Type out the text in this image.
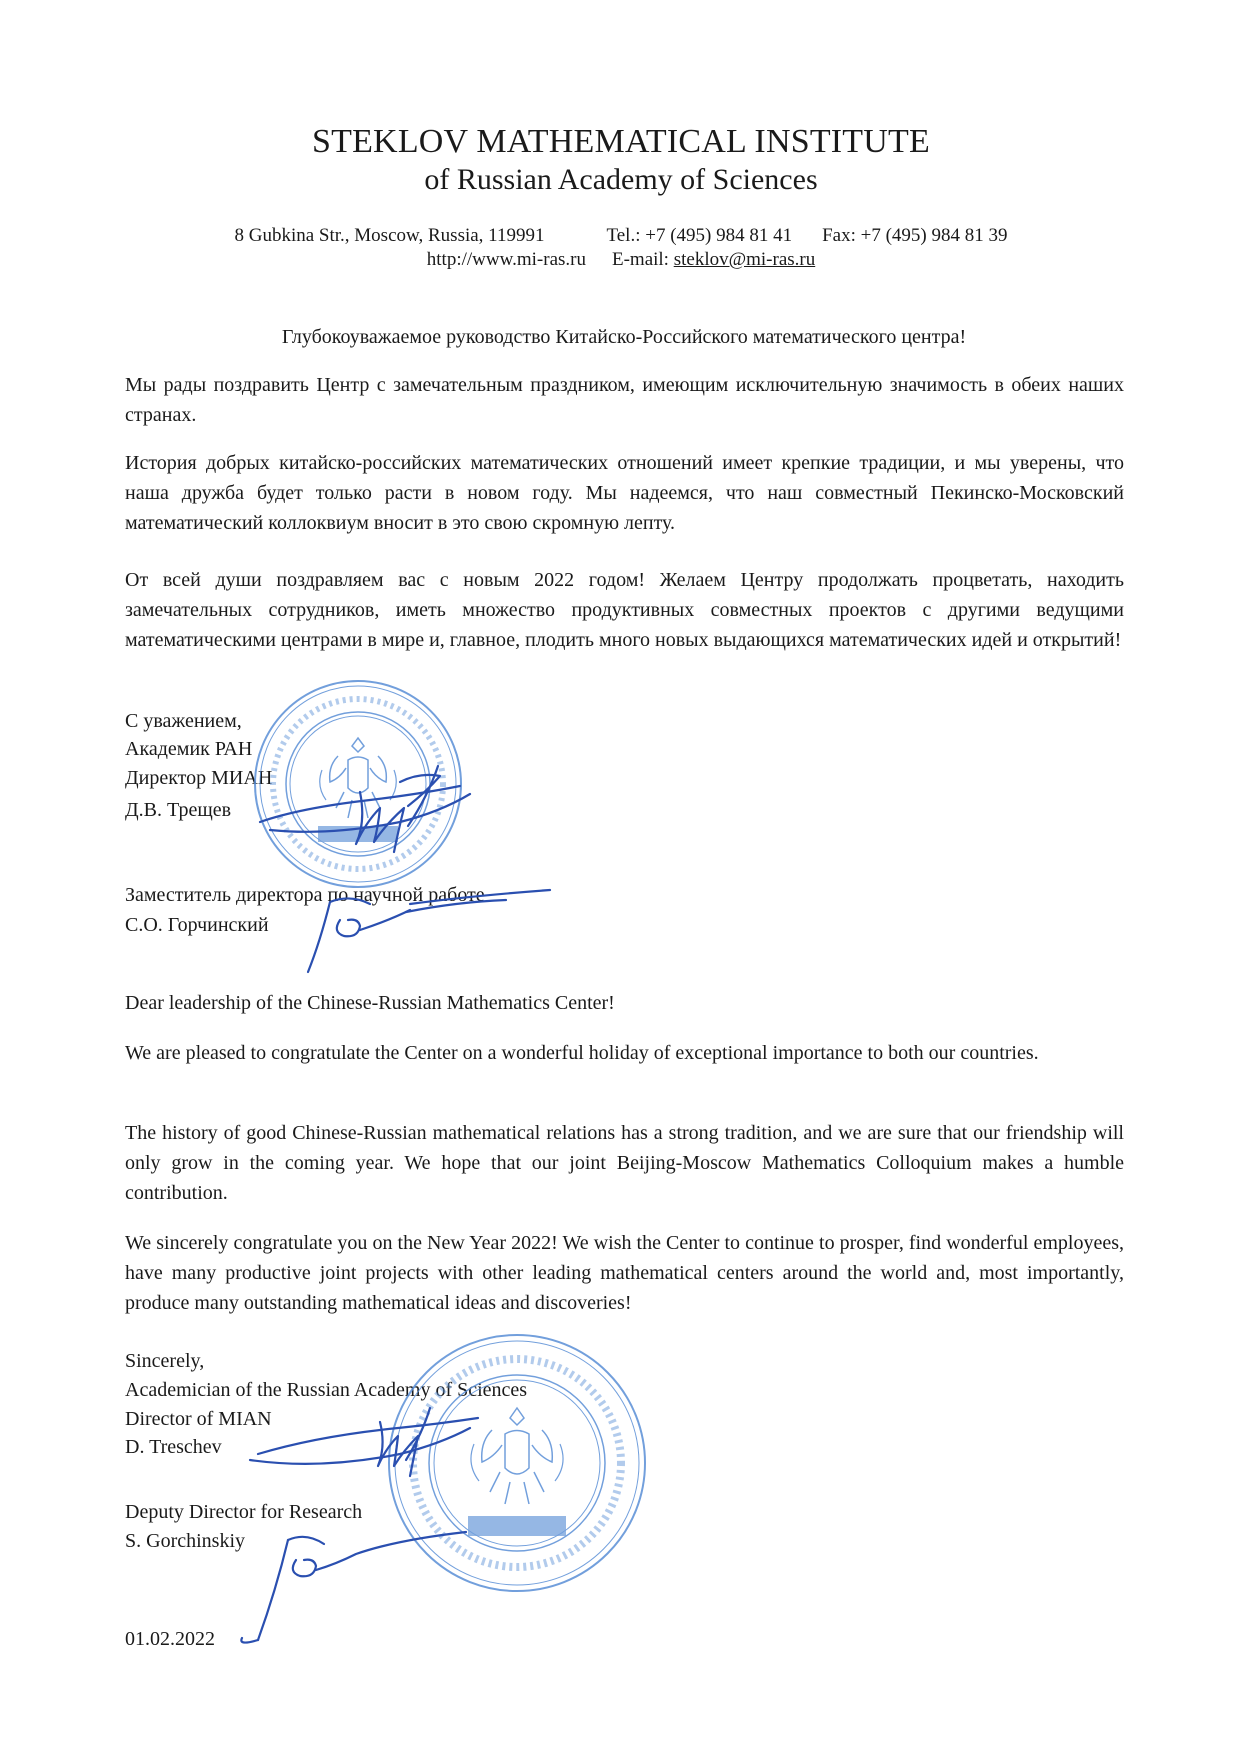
STEKLOV MATHEMATICAL INSTITUTE
of Russian Academy of Sciences
8 Gubkina Str., Moscow, Russia, 119991	Tel.: +7 (495) 984 81 41 Fax: +7 (495) 984 81 39
http://www.mi-ras.ru E-mail: steklov@mi-ras.ru
Глубокоуважаемое руководство Китайско-Российского математического центра!
Мы рады поздравить Центр с замечательным праздником, имеющим исключительную значимость в обеих наших странах.
История добрых китайско-российских математических отношений имеет крепкие традиции, и мы уверены, что наша дружба будет только расти в новом году. Мы надеемся, что наш совместный Пекинско-Московский математический коллоквиум вносит в это свою скромную лепту.
От всей души поздравляем вас с новым 2022 годом! Желаем Центру продолжать процветать, находить замечательных сотрудников, иметь множество продуктивных совместных проектов с другими ведущими математическими центрами в мире и, главное, плодить много новых выдающихся математических идей и открытий!
С уважением,
Академик РАН
Директор МИАН
Д.В. Трещев
Заместитель директора по научной работе
С.О. Горчинский
Dear leadership of the Chinese-Russian Mathematics Center!
We are pleased to congratulate the Center on a wonderful holiday of exceptional importance to both our countries.
The history of good Chinese-Russian mathematical relations has a strong tradition, and we are sure that our friendship will only grow in the coming year. We hope that our joint Beijing-Moscow Mathematics Colloquium makes a humble contribution.
We sincerely congratulate you on the New Year 2022! We wish the Center to continue to prosper, find wonderful employees, have many productive joint projects with other leading mathematical centers around the world and, most importantly, produce many outstanding mathematical ideas and discoveries!
Sincerely,
Academician of the Russian Academy of Sciences
Director of MIAN
D. Treschev
Deputy Director for Research
S. Gorchinskiy
01.02.2022
